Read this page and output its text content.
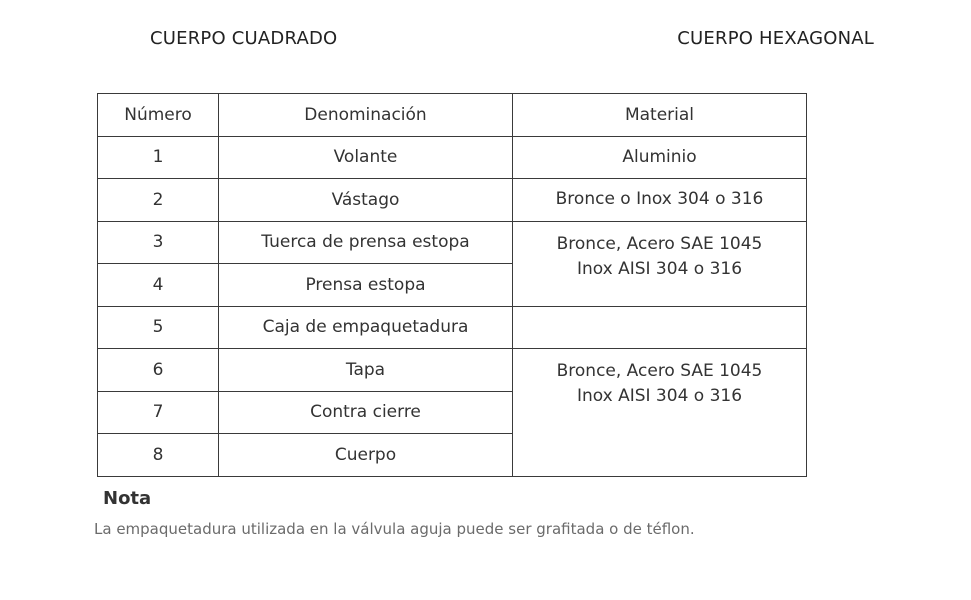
CUERPO CUADRADO	CUERPO HEXAGONAL
Número	Denominación	Material
1	Volante	Aluminio
2	Vástago	Bronce o Inox 304 o 316
3	Tuerca de prensa estopa	Bronce, Acero SAE 1045
Inox AISI 304 o 316

4	Prensa estopa	
5	Caja de empaquetadura	
6	Tapa	Bronce, Acero SAE 1045
Inox AISI 304 o 316

7	Contra cierre	
8	Cuerpo	
Nota
La empaquetadura utilizada en la válvula aguja puede ser grafitada o de téflon.
